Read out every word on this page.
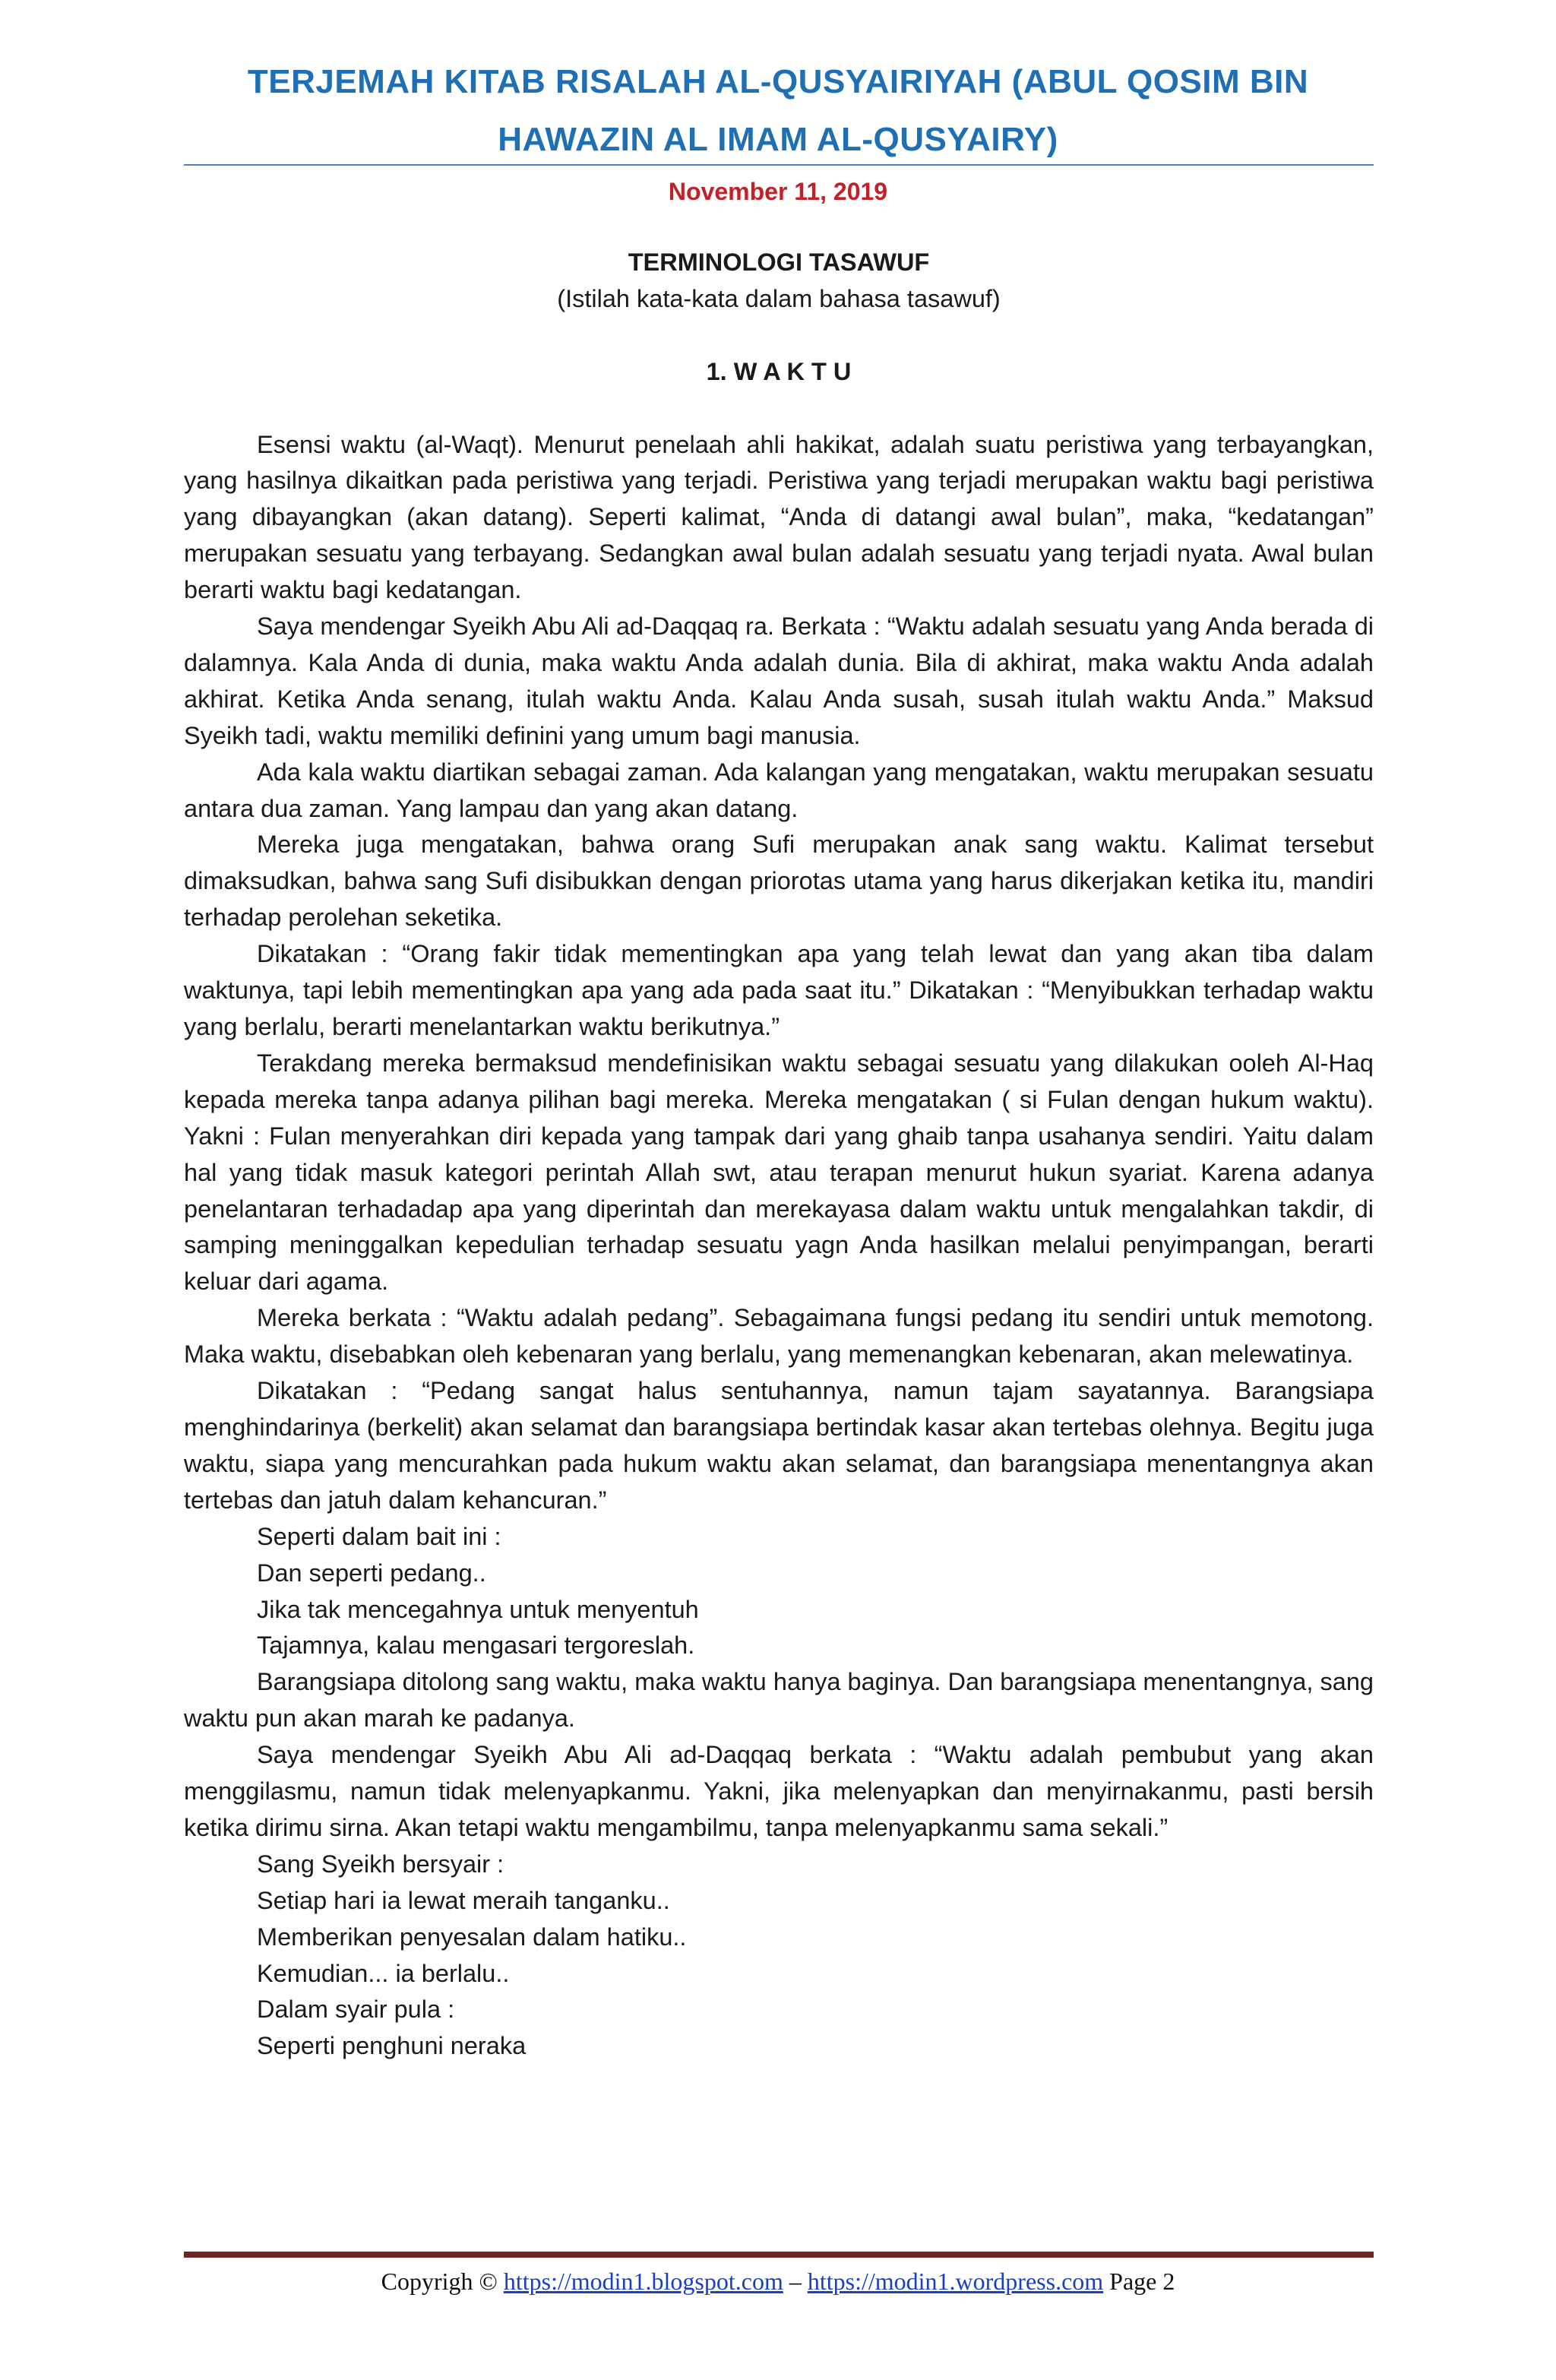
TERJEMAH KITAB RISALAH AL-QUSYAIRIYAH (ABUL QOSIM BIN
HAWAZIN AL IMAM AL-QUSYAIRY)
November 11, 2019
TERMINOLOGI TASAWUF
(Istilah kata-kata dalam bahasa tasawuf)
1. W A K T U

Esensi waktu (al-Waqt). Menurut penelaah ahli hakikat, adalah suatu peristiwa yang terbayangkan, yang hasilnya dikaitkan pada peristiwa yang terjadi. Peristiwa yang terjadi merupakan waktu bagi peristiwa yang dibayangkan (akan datang). Seperti kalimat, “Anda di datangi awal bulan”, maka, “kedatangan” merupakan sesuatu yang terbayang. Sedangkan awal bulan adalah sesuatu yang terjadi nyata. Awal bulan berarti waktu bagi kedatangan.

Saya mendengar Syeikh Abu Ali ad-Daqqaq ra. Berkata : “Waktu adalah sesuatu yang Anda berada di dalamnya. Kala Anda di dunia, maka waktu Anda adalah dunia. Bila di akhirat, maka waktu Anda adalah akhirat. Ketika Anda senang, itulah waktu Anda. Kalau Anda susah, susah itulah waktu Anda.” Maksud Syeikh tadi, waktu memiliki definini yang umum bagi manusia.

Ada kala waktu diartikan sebagai zaman. Ada kalangan yang mengatakan, waktu merupakan sesuatu antara dua zaman. Yang lampau dan yang akan datang.

Mereka juga mengatakan, bahwa orang Sufi merupakan anak sang waktu. Kalimat tersebut dimaksudkan, bahwa sang Sufi disibukkan dengan priorotas utama yang harus dikerjakan ketika itu, mandiri terhadap perolehan seketika.

Dikatakan : “Orang fakir tidak mementingkan apa yang telah lewat dan yang akan tiba dalam waktunya, tapi lebih mementingkan apa yang ada pada saat itu.” Dikatakan : “Menyibukkan terhadap waktu yang berlalu, berarti menelantarkan waktu berikutnya.”

Terakdang mereka bermaksud mendefinisikan waktu sebagai sesuatu yang dilakukan ooleh Al-Haq kepada mereka tanpa adanya pilihan bagi mereka. Mereka mengatakan ( si Fulan dengan hukum waktu). Yakni : Fulan menyerahkan diri kepada yang tampak dari yang ghaib tanpa usahanya sendiri. Yaitu dalam hal yang tidak masuk kategori perintah Allah swt, atau terapan menurut hukun syariat. Karena adanya penelantaran terhadadap apa yang diperintah dan merekayasa dalam waktu untuk mengalahkan takdir, di samping meninggalkan kepedulian terhadap sesuatu yagn Anda hasilkan melalui penyimpangan, berarti keluar dari agama.

Mereka berkata : “Waktu adalah pedang”. Sebagaimana fungsi pedang itu sendiri untuk memotong. Maka waktu, disebabkan oleh kebenaran yang berlalu, yang memenangkan kebenaran, akan melewatinya.

Dikatakan : “Pedang sangat halus sentuhannya, namun tajam sayatannya. Barangsiapa menghindarinya (berkelit) akan selamat dan barangsiapa bertindak kasar akan tertebas olehnya. Begitu juga waktu, siapa yang mencurahkan pada hukum waktu akan selamat, dan barangsiapa menentangnya akan tertebas dan jatuh dalam kehancuran.”

Seperti dalam bait ini :
Dan seperti pedang..
Jika tak mencegahnya untuk menyentuh
Tajamnya, kalau mengasari tergoreslah.

Barangsiapa ditolong sang waktu, maka waktu hanya baginya. Dan barangsiapa menentangnya, sang waktu pun akan marah ke padanya.

Saya mendengar Syeikh Abu Ali ad-Daqqaq berkata : “Waktu adalah pembubut yang akan menggilasmu, namun tidak melenyapkanmu. Yakni, jika melenyapkan dan menyirnakanmu, pasti bersih ketika dirimu sirna. Akan tetapi waktu mengambilmu, tanpa melenyapkanmu sama sekali.”

Sang Syeikh bersyair :
Setiap hari ia lewat meraih tanganku..
Memberikan penyesalan dalam hatiku..
Kemudian... ia berlalu..
Dalam syair pula :
Seperti penghuni neraka
Copyrigh © https://modin1.blogspot.com – https://modin1.wordpress.com Page 2
